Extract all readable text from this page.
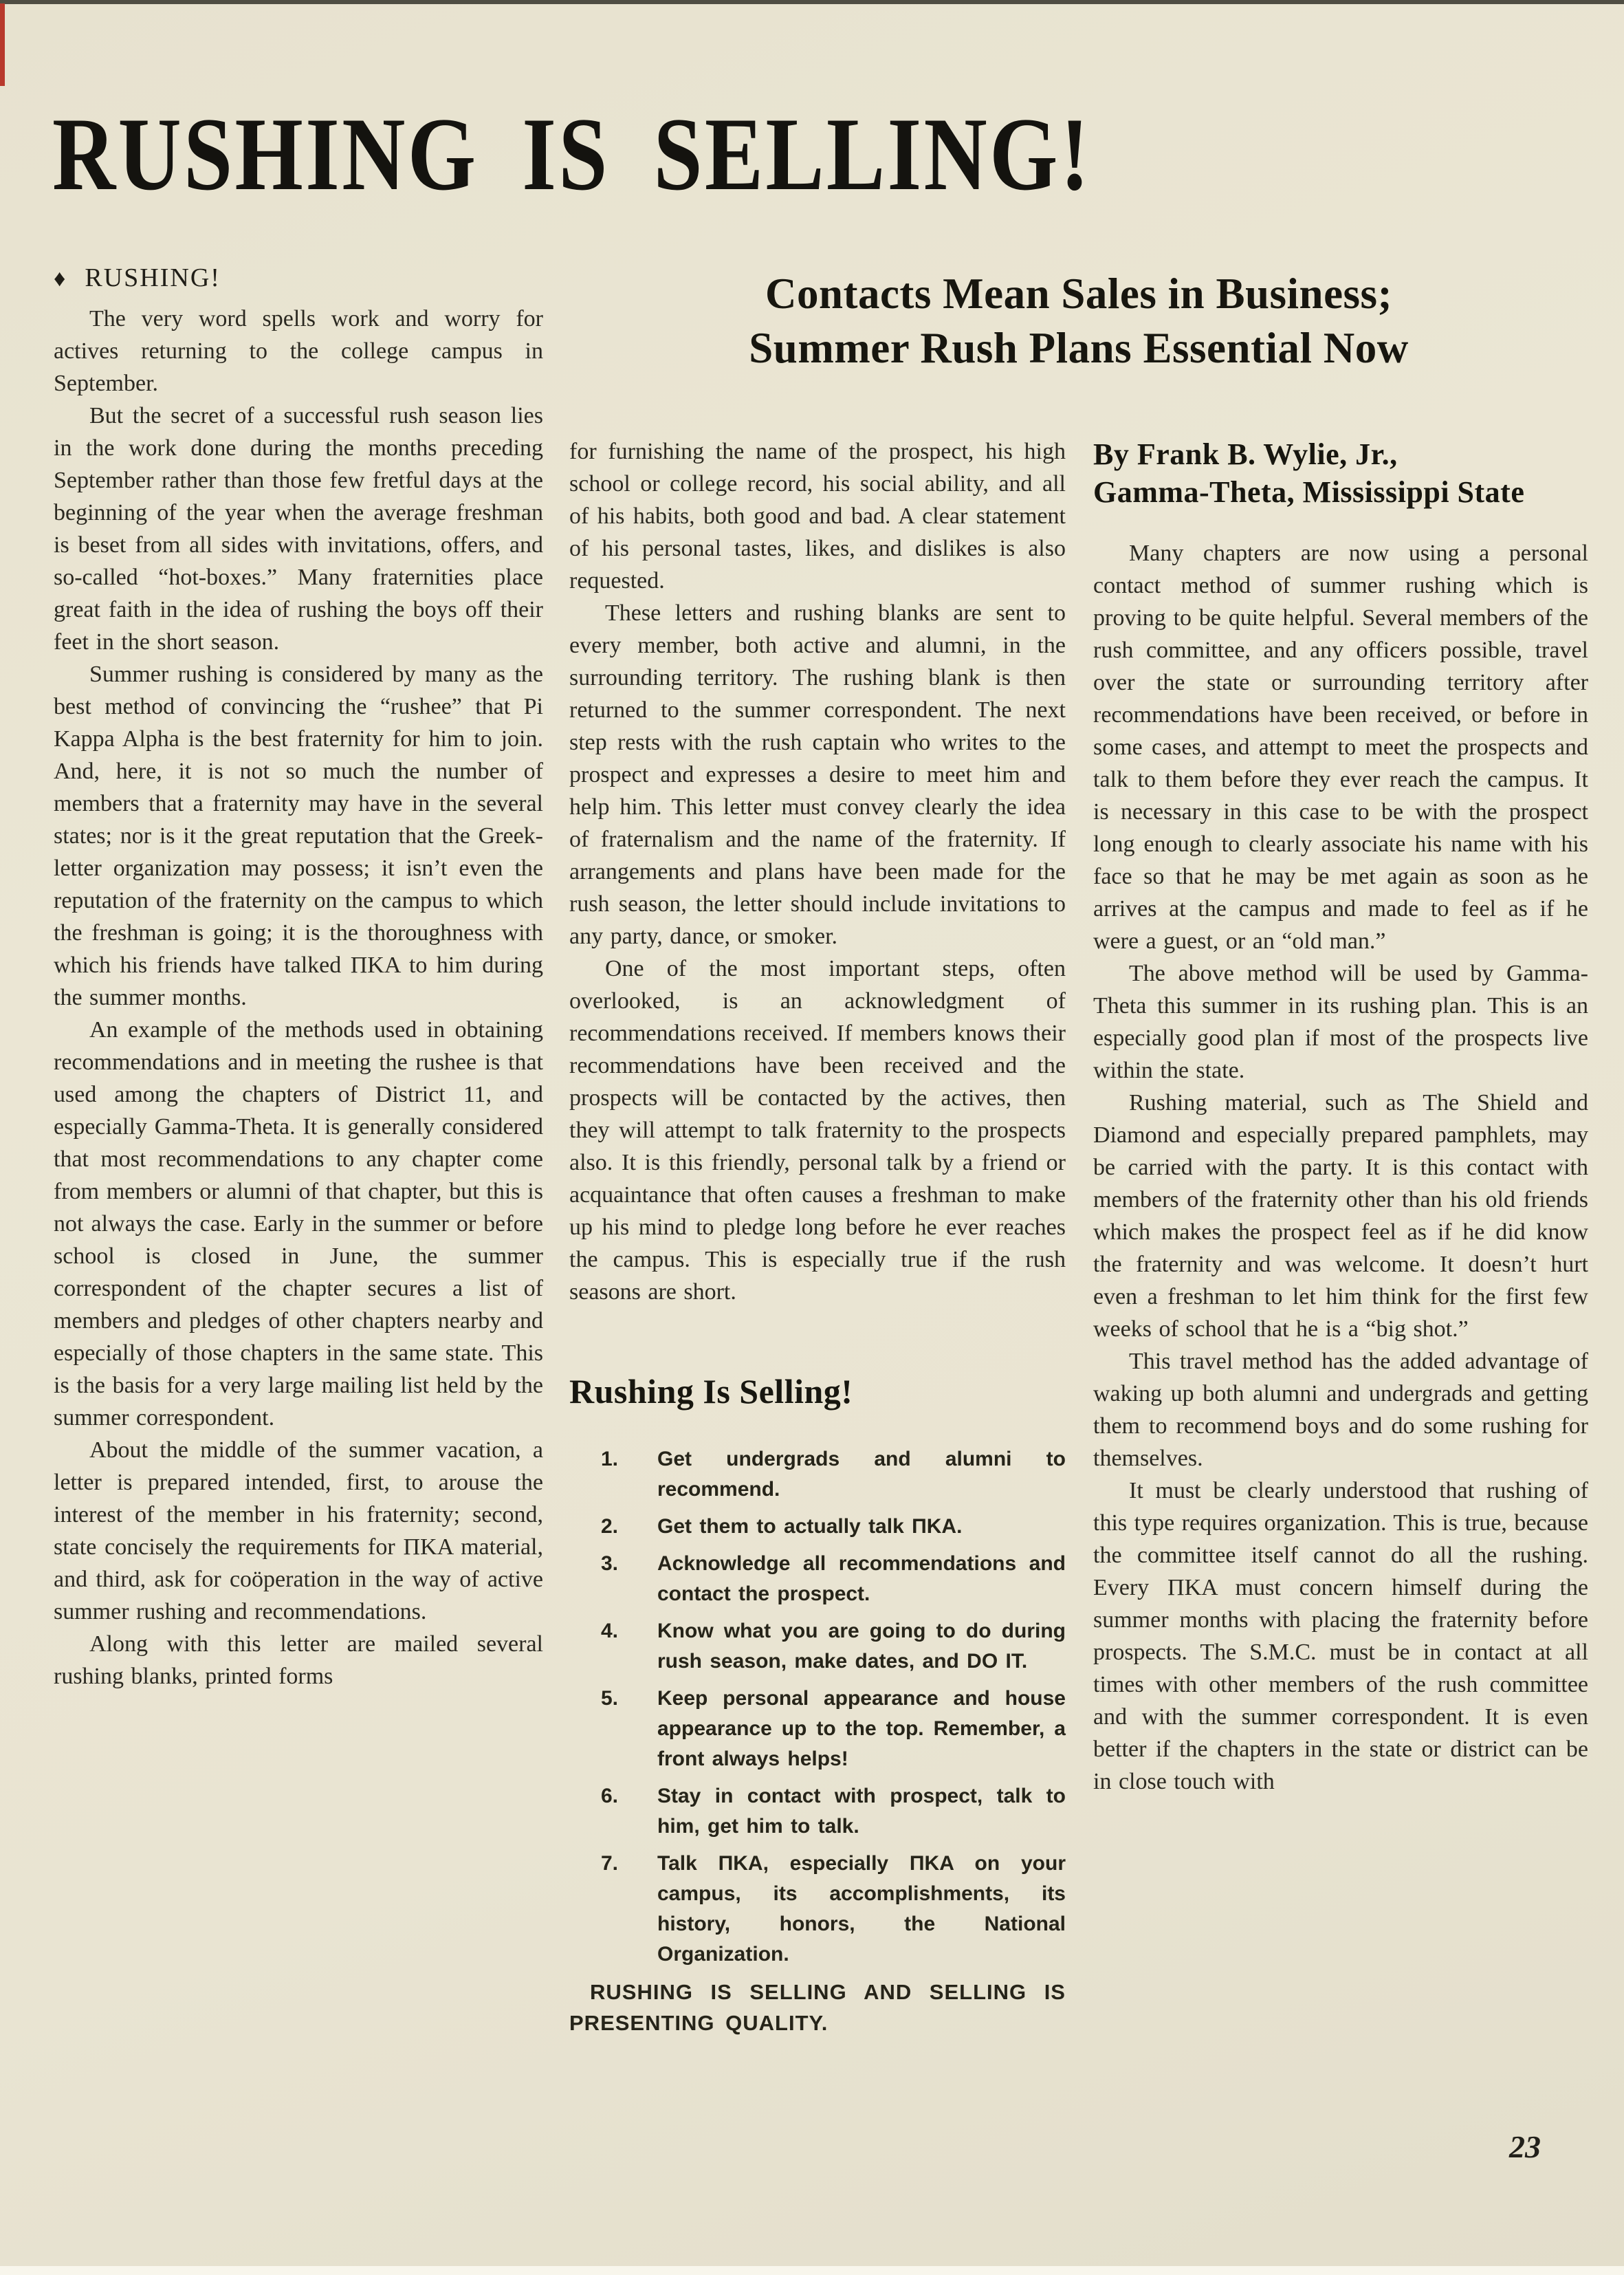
RUSHING IS SELLING!
♦ RUSHING!

The very word spells work and worry for actives returning to the college campus in September.

But the secret of a successful rush season lies in the work done during the months preceding September rather than those few fretful days at the beginning of the year when the average freshman is beset from all sides with invitations, offers, and so-called “hot-boxes.” Many fraternities place great faith in the idea of rushing the boys off their feet in the short season.

Summer rushing is considered by many as the best method of convincing the “rushee” that Pi Kappa Alpha is the best fraternity for him to join. And, here, it is not so much the number of members that a fraternity may have in the several states; nor is it the great reputation that the Greek-letter organization may possess; it isn’t even the reputation of the fraternity on the campus to which the freshman is going; it is the thoroughness with which his friends have talked ΠKA to him during the summer months.

An example of the methods used in obtaining recommendations and in meeting the rushee is that used among the chapters of District 11, and especially Gamma-Theta. It is generally considered that most recommendations to any chapter come from members or alumni of that chapter, but this is not always the case. Early in the summer or before school is closed in June, the summer correspondent of the chapter secures a list of members and pledges of other chapters nearby and especially of those chapters in the same state. This is the basis for a very large mailing list held by the summer correspondent.

About the middle of the summer vacation, a letter is prepared intended, first, to arouse the interest of the member in his fraternity; second, state concisely the requirements for ΠKA material, and third, ask for coöperation in the way of active summer rushing and recommendations.

Along with this letter are mailed several rushing blanks, printed forms

Contacts Mean Sales in Business;
Summer Rush Plans Essential Now

for furnishing the name of the prospect, his high school or college record, his social ability, and all of his habits, both good and bad. A clear statement of his personal tastes, likes, and dislikes is also requested.

These letters and rushing blanks are sent to every member, both active and alumni, in the surrounding territory. The rushing blank is then returned to the summer correspondent. The next step rests with the rush captain who writes to the prospect and expresses a desire to meet him and help him. This letter must convey clearly the idea of fraternalism and the name of the fraternity. If arrangements and plans have been made for the rush season, the letter should include invitations to any party, dance, or smoker.

One of the most important steps, often overlooked, is an acknowledgment of recommendations received. If members knows their recommendations have been received and the prospects will be contacted by the actives, then they will attempt to talk fraternity to the prospects also. It is this friendly, personal talk by a friend or acquaintance that often causes a freshman to make up his mind to pledge long before he ever reaches the campus. This is especially true if the rush seasons are short.

Rushing Is Selling!
1. Get undergrads and alumni to recommend.
2. Get them to actually talk ΠKA.
3. Acknowledge all recommendations and contact the prospect.
4. Know what you are going to do during rush season, make dates, and DO IT.
5. Keep personal appearance and house appearance up to the top. Remember, a front always helps!
6. Stay in contact with prospect, talk to him, get him to talk.
7. Talk ΠKA, especially ΠKA on your campus, its accomplishments, its history, honors, the National Organization.

RUSHING IS SELLING AND SELLING IS PRESENTING QUALITY.

By Frank B. Wylie, Jr.,
Gamma-Theta, Mississippi State

Many chapters are now using a personal contact method of summer rushing which is proving to be quite helpful. Several members of the rush committee, and any officers possible, travel over the state or surrounding territory after recommendations have been received, or before in some cases, and attempt to meet the prospects and talk to them before they ever reach the campus. It is necessary in this case to be with the prospect long enough to clearly associate his name with his face so that he may be met again as soon as he arrives at the campus and made to feel as if he were a guest, or an “old man.”

The above method will be used by Gamma-Theta this summer in its rushing plan. This is an especially good plan if most of the prospects live within the state.

Rushing material, such as The Shield and Diamond and especially prepared pamphlets, may be carried with the party. It is this contact with members of the fraternity other than his old friends which makes the prospect feel as if he did know the fraternity and was welcome. It doesn’t hurt even a freshman to let him think for the first few weeks of school that he is a “big shot.”

This travel method has the added advantage of waking up both alumni and undergrads and getting them to recommend boys and do some rushing for themselves.

It must be clearly understood that rushing of this type requires organization. This is true, because the committee itself cannot do all the rushing. Every ΠKA must concern himself during the summer months with placing the fraternity before prospects. The S.M.C. must be in contact at all times with other members of the rush committee and with the summer correspondent. It is even better if the chapters in the state or district can be in close touch with

23
